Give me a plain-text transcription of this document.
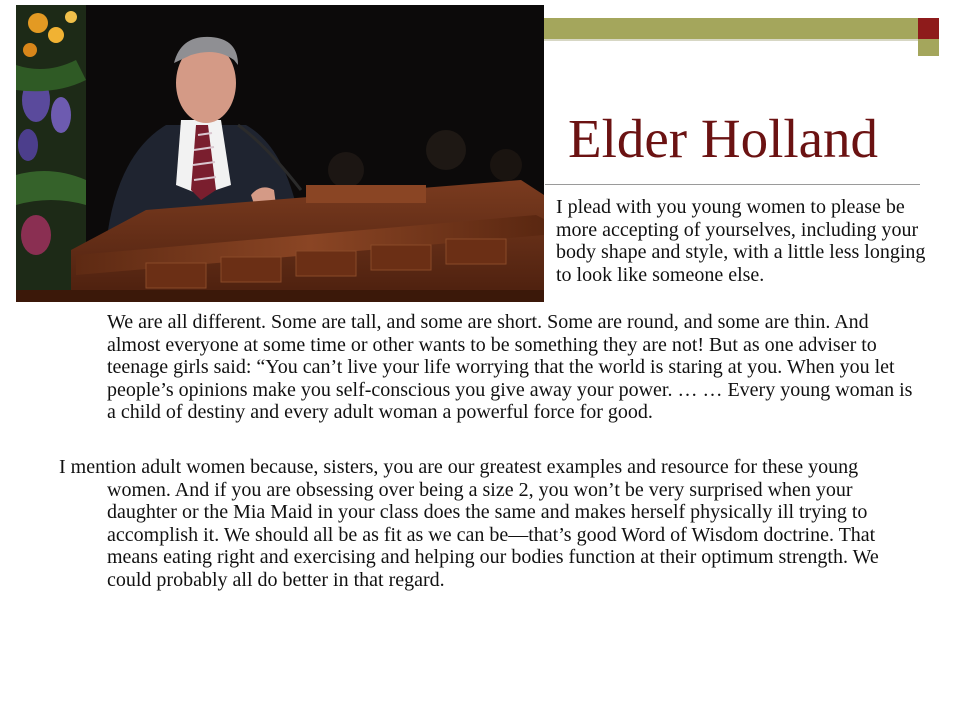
Elder Holland

I plead with you young women to please be more accepting of yourselves, including your body shape and style, with a little less longing to look like someone else.

We are all different. Some are tall, and some are short. Some are round, and some are thin. And almost everyone at some time or other wants to be something they are not! But as one adviser to teenage girls said: “You can’t live your life worrying that the world is staring at you. When you let people’s opinions make you self-conscious you give away your power. … … Every young woman is a child of destiny and every adult woman a powerful force for good.

I mention adult women because, sisters, you are our greatest examples and resource for these young women. And if you are obsessing over being a size 2, you won’t be very surprised when your daughter or the Mia Maid in your class does the same and makes herself physically ill trying to accomplish it. We should all be as fit as we can be—that’s good Word of Wisdom doctrine. That means eating right and exercising and helping our bodies function at their optimum strength. We could probably all do better in that regard.
